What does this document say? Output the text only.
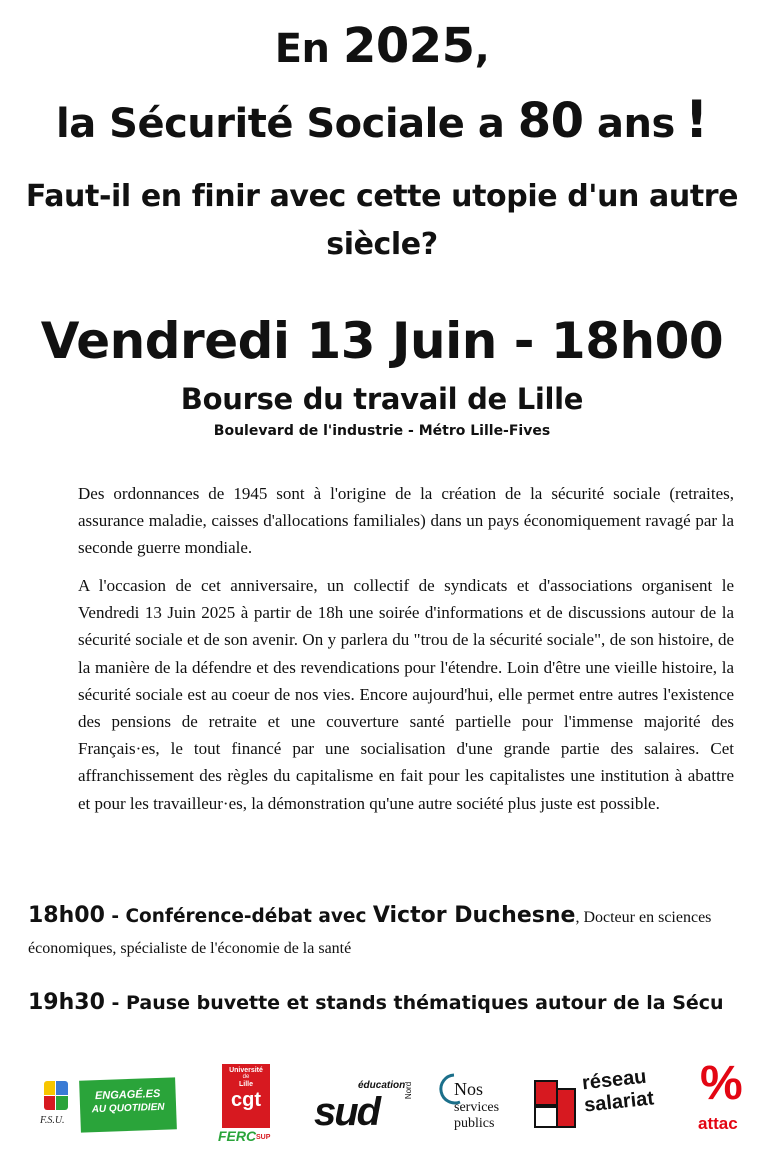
En 2025,
la Sécurité Sociale a 80 ans !
Faut-il en finir avec cette utopie d'un autre
siècle?
Vendredi 13 Juin - 18h00
Bourse du travail de Lille
Boulevard de l'industrie - Métro Lille-Fives
Des ordonnances de 1945 sont à l'origine de la création de la sécurité sociale (retraites, assurance maladie, caisses d'allocations familiales) dans un pays économiquement ravagé par la seconde guerre mondiale.
A l'occasion de cet anniversaire, un collectif de syndicats et d'associations organisent le Vendredi 13 Juin 2025 à partir de 18h une soirée d'informations et de discussions autour de la sécurité sociale et de son avenir. On y parlera du "trou de la sécurité sociale", de son histoire, de la manière de la défendre et des revendications pour l'étendre. Loin d'être une vieille histoire, la sécurité sociale est au coeur de nos vies. Encore aujourd'hui, elle permet entre autres l'existence des pensions de retraite et une couverture santé partielle pour l'immense majorité des Français·es, le tout financé par une socialisation d'une grande partie des salaires. Cet affranchissement des règles du capitalisme en fait pour les capitalistes une institution à abattre et pour les travailleur·es, la démonstration qu'une autre société plus juste est possible.
18h00 - Conférence-débat avec Victor Duchesne, Docteur en sciences
économiques, spécialiste de l'économie de la santé
19h30 - Pause buvette et stands thématiques autour de la Sécu
F.S.U.
ENGAGÉ.ES
AU QUOTIDIEN
Université
de
Lille
cgt
FERC SUP
éducation
Nord
sud
Nos
services
publics
réseau
salariat %
attac
